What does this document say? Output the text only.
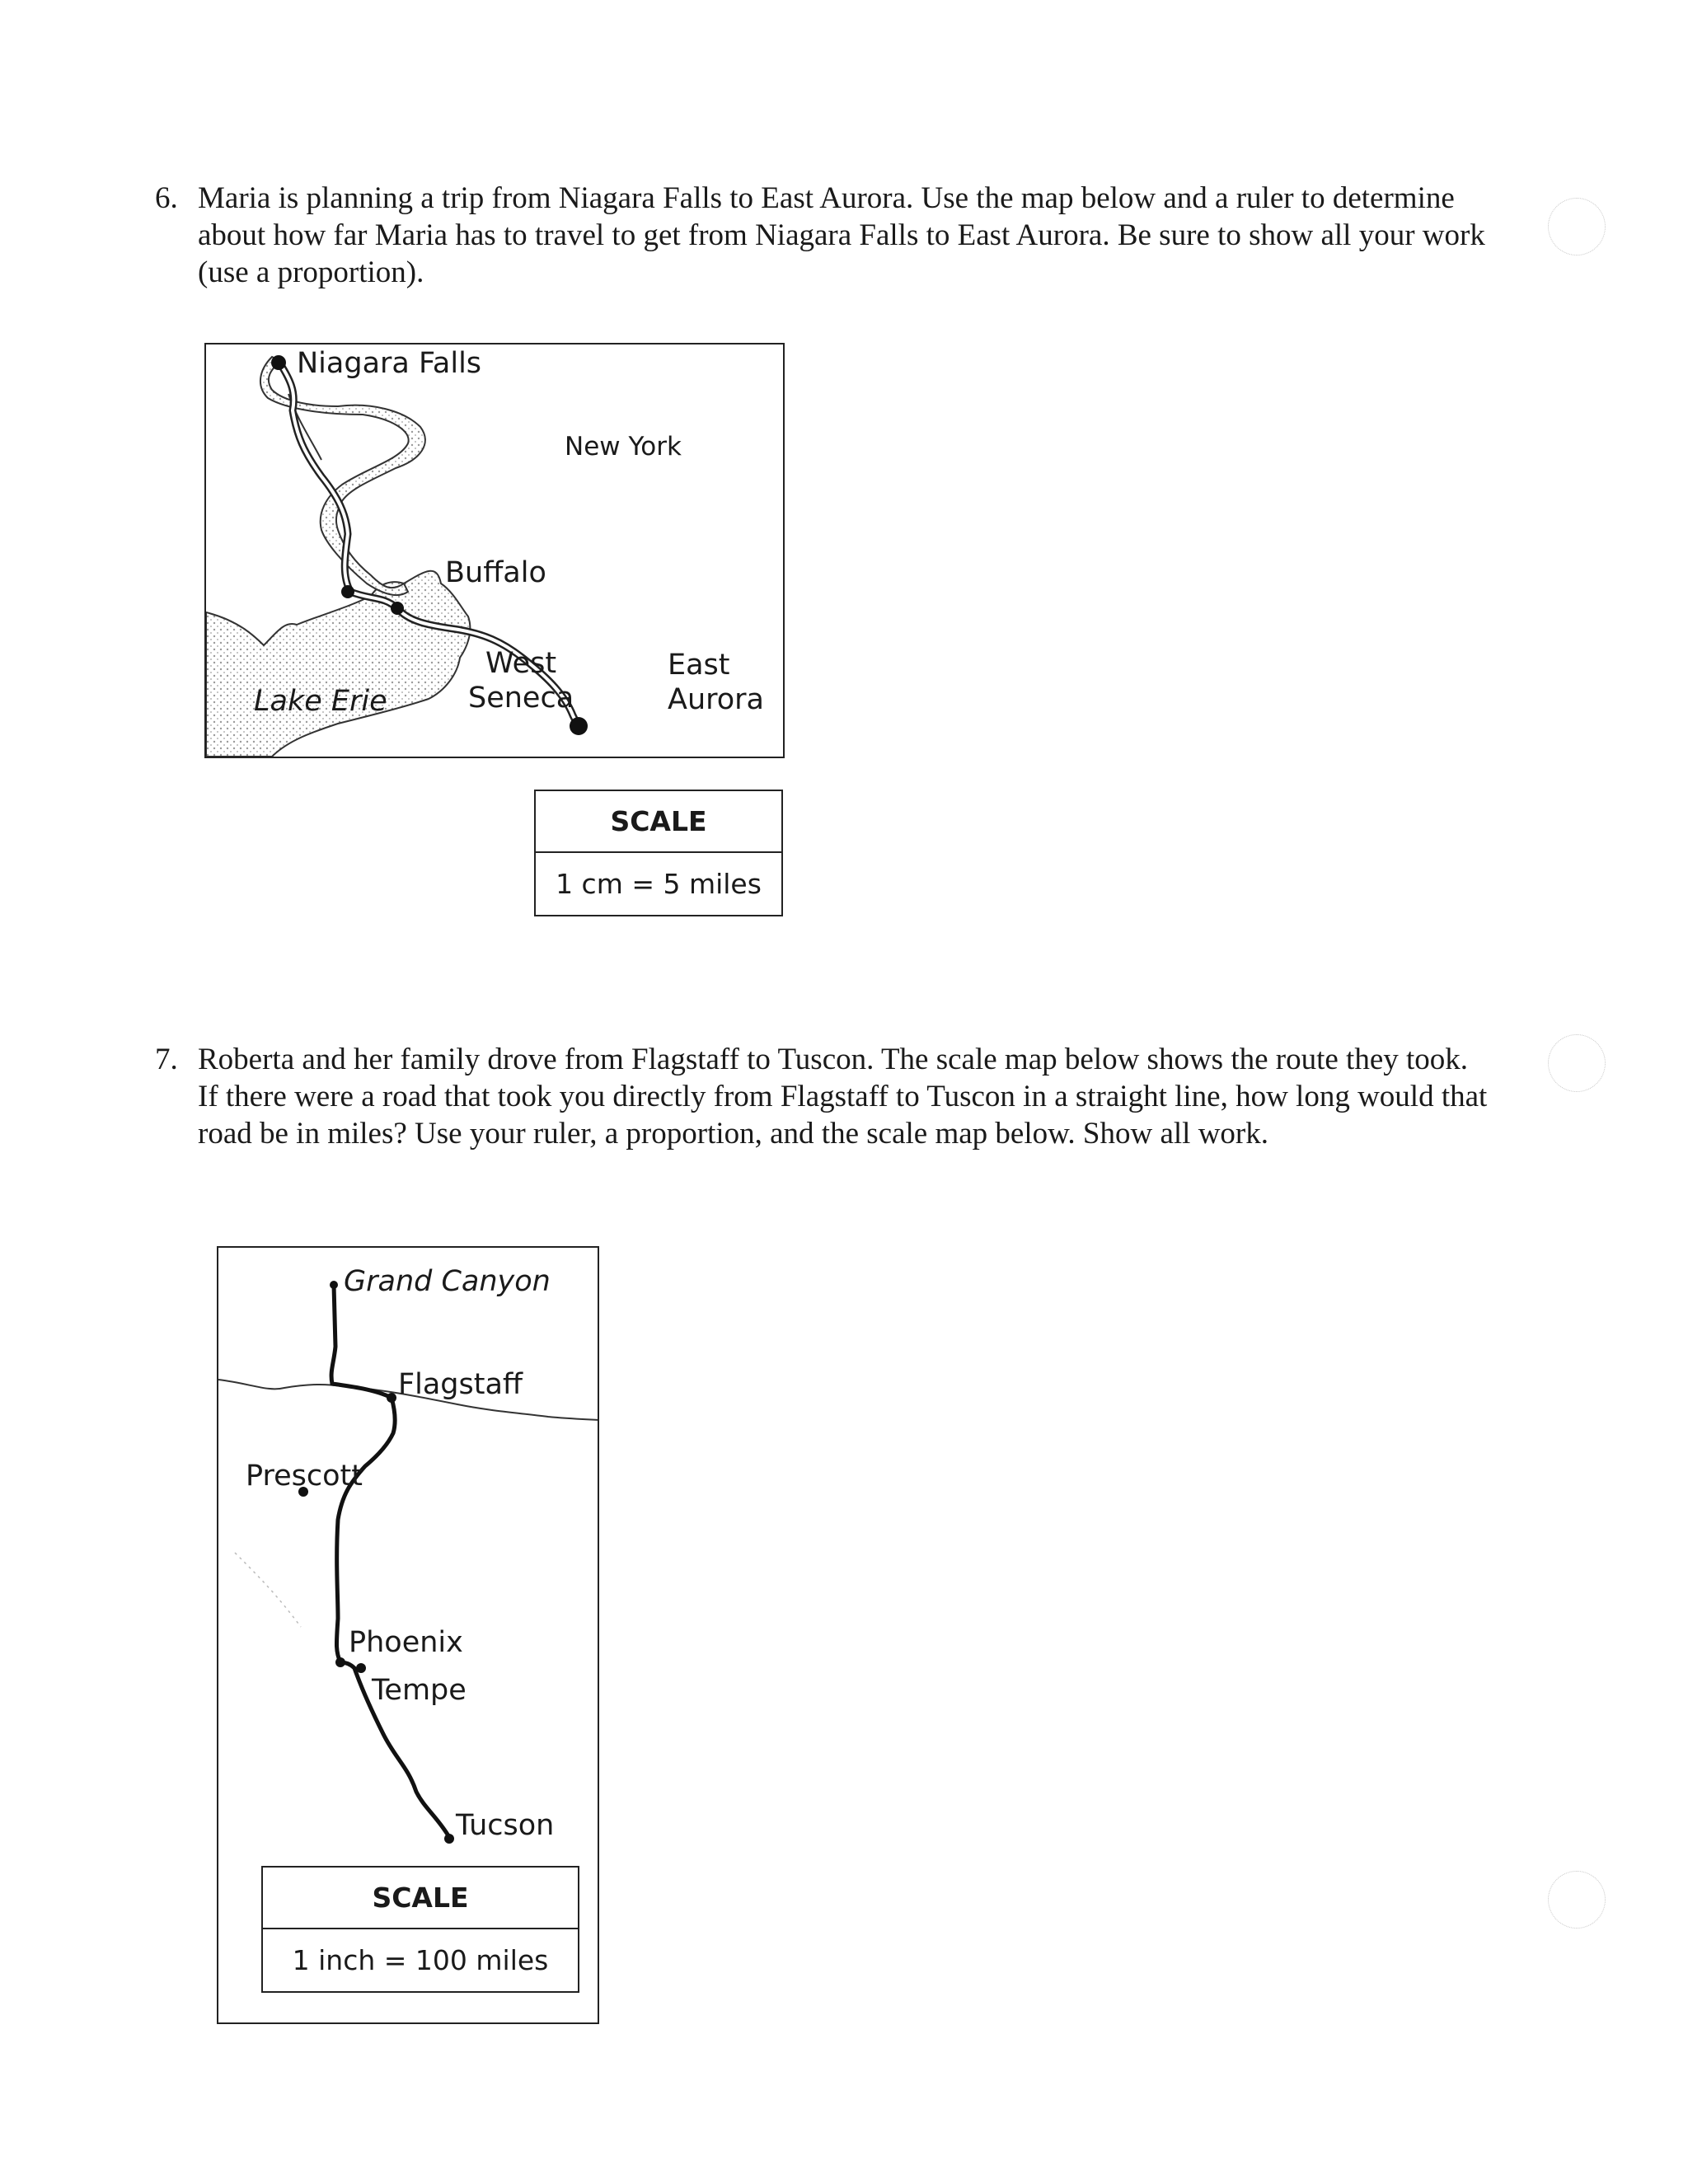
6. Maria is planning a trip from Niagara Falls to East Aurora. Use the map below and a ruler to determine about how far Maria has to travel to get from Niagara Falls to East Aurora. Be sure to show all your work (use a proportion).
Niagara Falls
New York
Buffalo
West
Seneca
East
Aurora
Lake Erie
SCALE
1 cm = 5 miles
7. Roberta and her family drove from Flagstaff to Tuscon. The scale map below shows the route they took. If there were a road that took you directly from Flagstaff to Tuscon in a straight line, how long would that road be in miles? Use your ruler, a proportion, and the scale map below. Show all work.
Grand Canyon
Flagstaff
Prescott
Phoenix
Tempe
Tucson
SCALE
1 inch = 100 miles
